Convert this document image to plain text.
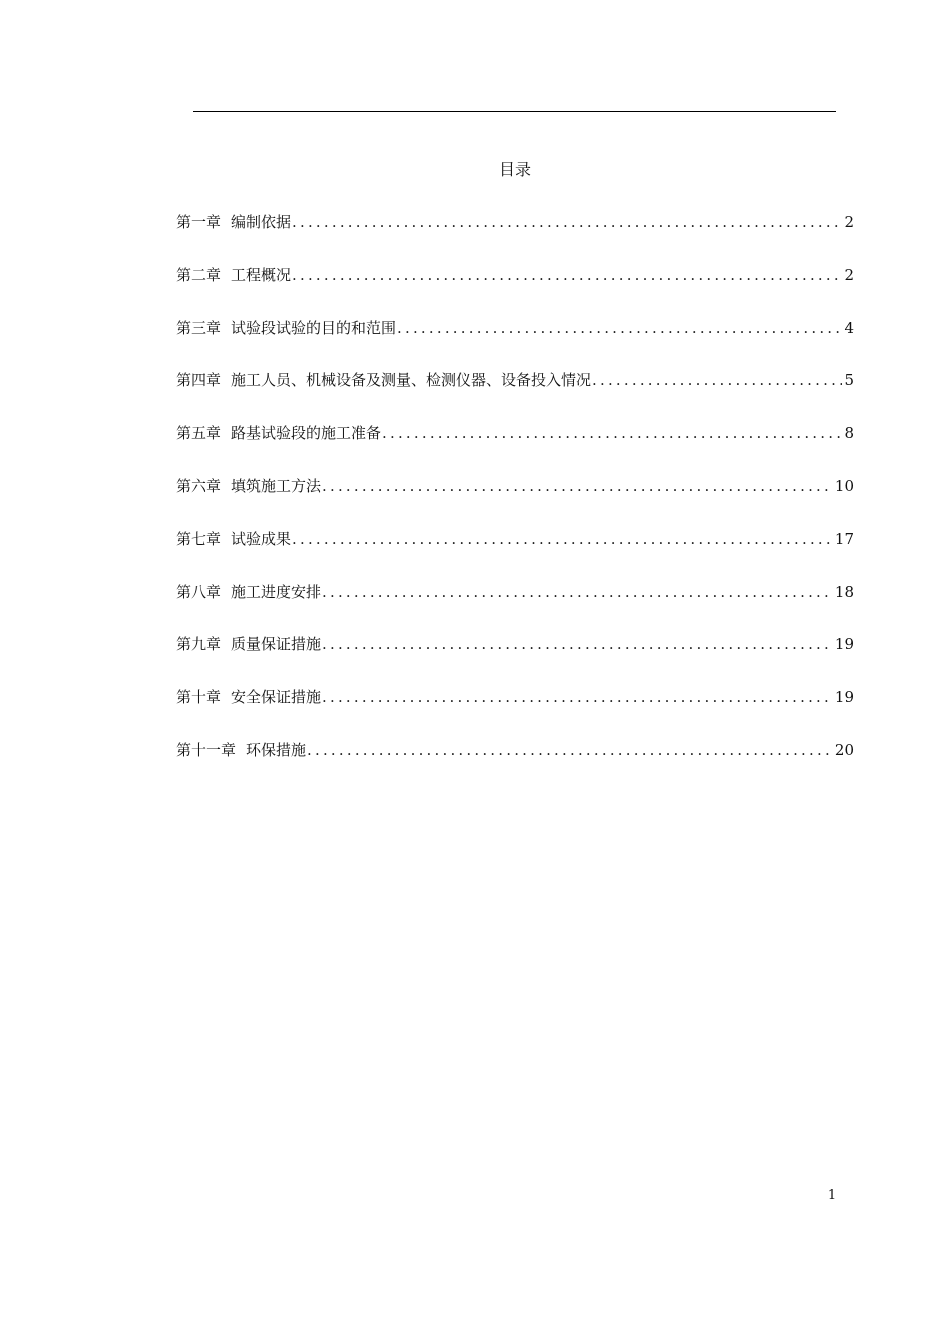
目录
第一章 编制依据 .....	2
第二章 工程概况 .....	2
第三章 试验段试验的目的和范围 .....	4
第四章 施工人员、机械设备及测量、检测仪器、设备投入情况 .....	5
第五章 路基试验段的施工准备 .....	8
第六章 填筑施工方法 .....	10
第七章 试验成果 .....	17
第八章 施工进度安排 .....	18
第九章 质量保证措施 .....	19
第十章 安全保证措施 .....	19
第十一章 环保措施 .....	20
1
